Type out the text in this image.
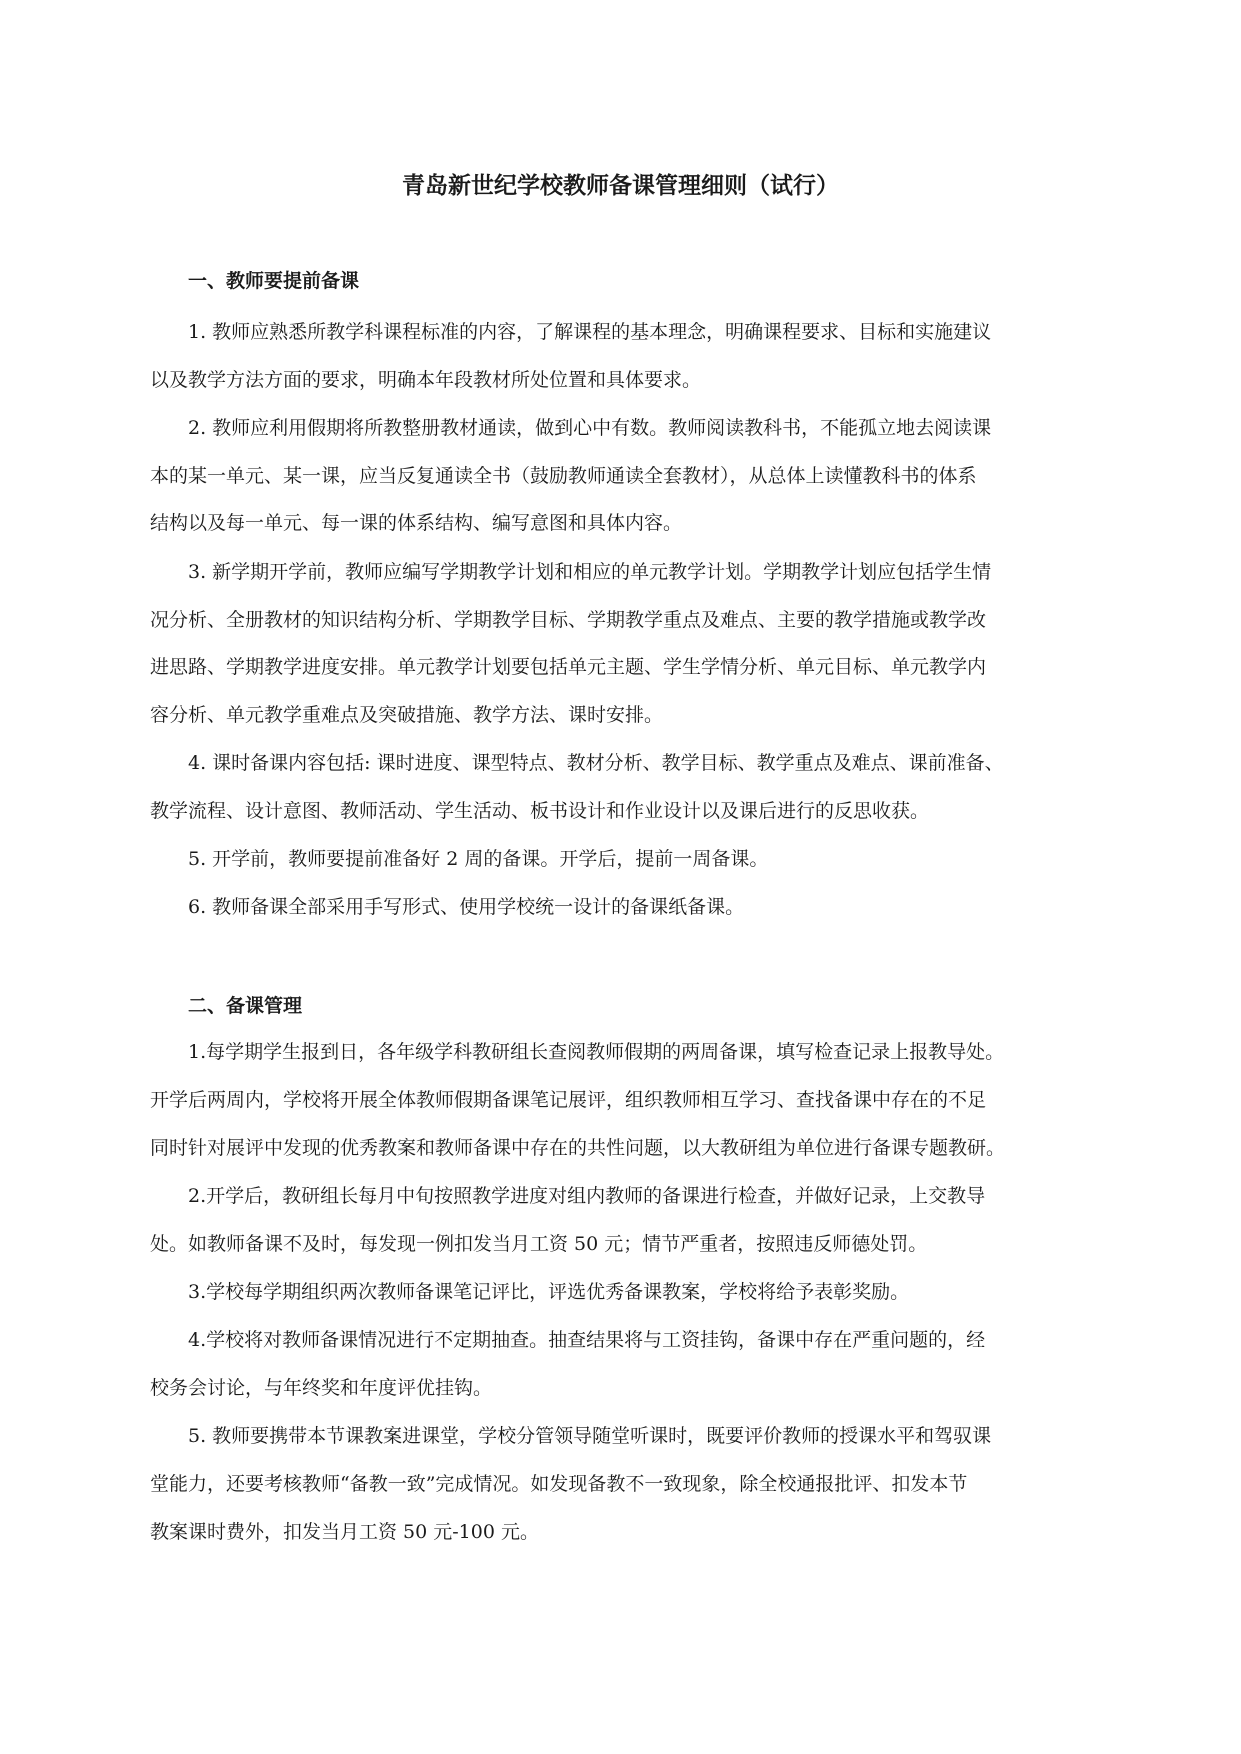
青岛新世纪学校教师备课管理细则（试行）
一、教师要提前备课
1. 教师应熟悉所教学科课程标准的内容，了解课程的基本理念，明确课程要求、目标和实施建议
以及教学方法方面的要求，明确本年段教材所处位置和具体要求。
2. 教师应利用假期将所教整册教材通读，做到心中有数。教师阅读教科书，不能孤立地去阅读课
本的某一单元、某一课，应当反复通读全书（鼓励教师通读全套教材），从总体上读懂教科书的体系
结构以及每一单元、每一课的体系结构、编写意图和具体内容。
3. 新学期开学前，教师应编写学期教学计划和相应的单元教学计划。学期教学计划应包括学生情
况分析、全册教材的知识结构分析、学期教学目标、学期教学重点及难点、主要的教学措施或教学改
进思路、学期教学进度安排。单元教学计划要包括单元主题、学生学情分析、单元目标、单元教学内
容分析、单元教学重难点及突破措施、教学方法、课时安排。
4. 课时备课内容包括: 课时进度、课型特点、教材分析、教学目标、教学重点及难点、课前准备、
教学流程、设计意图、教师活动、学生活动、板书设计和作业设计以及课后进行的反思收获。
5. 开学前，教师要提前准备好 2 周的备课。开学后，提前一周备课。
6. 教师备课全部采用手写形式、使用学校统一设计的备课纸备课。
二、备课管理
1.每学期学生报到日，各年级学科教研组长查阅教师假期的两周备课，填写检查记录上报教导处。
开学后两周内，学校将开展全体教师假期备课笔记展评，组织教师相互学习、查找备课中存在的不足
同时针对展评中发现的优秀教案和教师备课中存在的共性问题，以大教研组为单位进行备课专题教研。
2.开学后，教研组长每月中旬按照教学进度对组内教师的备课进行检查，并做好记录，上交教导
处。如教师备课不及时，每发现一例扣发当月工资 50 元；情节严重者，按照违反师德处罚。
3.学校每学期组织两次教师备课笔记评比，评选优秀备课教案，学校将给予表彰奖励。
4.学校将对教师备课情况进行不定期抽查。抽查结果将与工资挂钩，备课中存在严重问题的，经
校务会讨论，与年终奖和年度评优挂钩。
5. 教师要携带本节课教案进课堂，学校分管领导随堂听课时，既要评价教师的授课水平和驾驭课
堂能力，还要考核教师“备教一致”完成情况。如发现备教不一致现象，除全校通报批评、扣发本节
教案课时费外，扣发当月工资 50 元-100 元。
